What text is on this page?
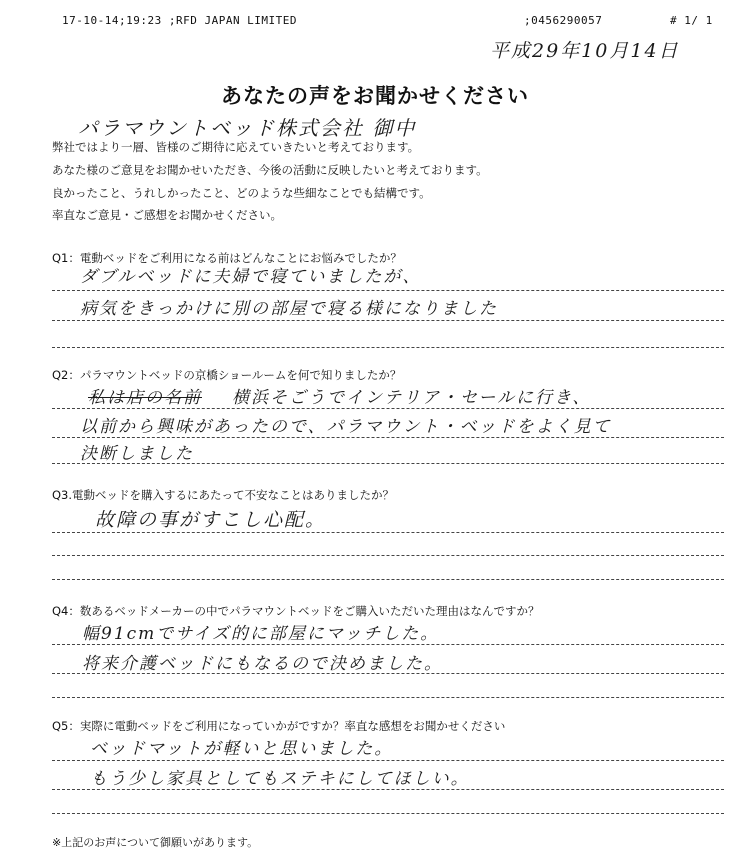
17-10-14;19:23 ;RFD JAPAN LIMITED	;0456290057	# 1/ 1
平成29年10月14日
あなたの声をお聞かせください
パラマウントベッド株式会社 御中
弊社ではより一層、皆様のご期待に応えていきたいと考えております。
あなた様のご意見をお聞かせいただき、今後の活動に反映したいと考えております。
良かったこと、うれしかったこと、どのような些細なことでも結構です。
率直なご意見・ご感想をお聞かせください。
Q1：電動ベッドをご利用になる前はどんなことにお悩みでしたか？
ダブルベッドに夫婦で寝ていましたが、
病気をきっかけに別の部屋で寝る様になりました
Q2：パラマウントベッドの京橋ショールームを何で知りましたか？
私は店の名前 横浜そごうでインテリア・セールに行き、
以前から興味があったので、パラマウント・ベッドをよく見て
決断しました
Q3.電動ベッドを購入するにあたって不安なことはありましたか？
故障の事がすこし心配。
Q4：数あるベッドメーカーの中でパラマウントベッドをご購入いただいた理由はなんですか？
幅91cmでサイズ的に部屋にマッチした。
将来介護ベッドにもなるので決めました。
Q5：実際に電動ベッドをご利用になっていかがですか？率直な感想をお聞かせください
ベッドマットが軽いと思いました。
もう少し家具としてもステキにしてほしい。
※上記のお声について御願いがあります。
